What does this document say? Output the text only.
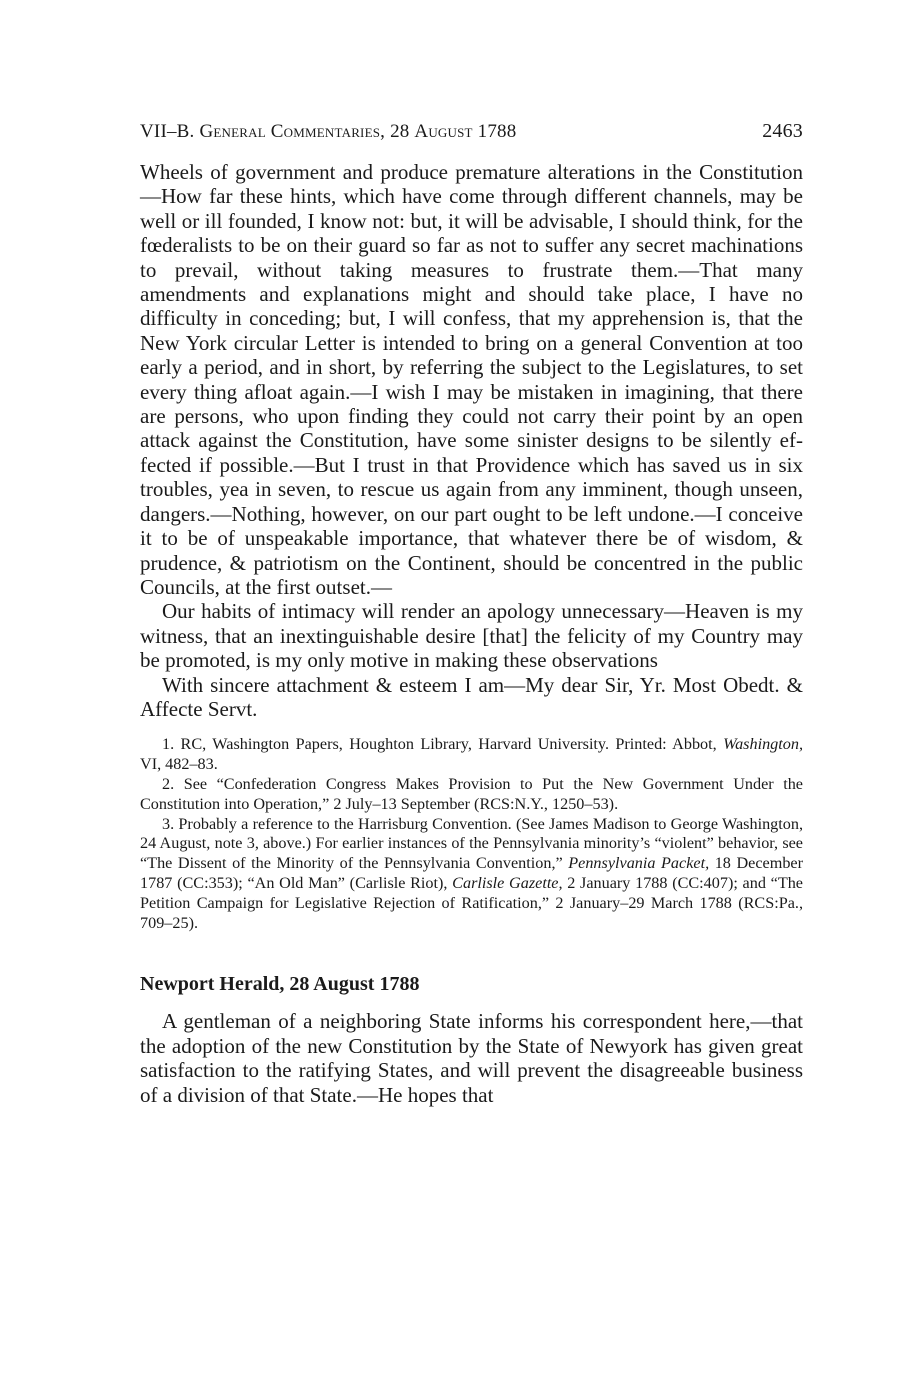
VII–B. General Commentaries, 28 August 1788	2463

Wheels of government and produce premature alterations in the Constitution—How far these hints, which have come through different channels, may be well or ill founded, I know not: but, it will be advisable, I should think, for the fœderalists to be on their guard so far as not to suffer any secret machinations to prevail, without taking measures to frustrate them.—That many amendments and explanations might and should take place, I have no difficulty in conceding; but, I will confess, that my apprehension is, that the New York circular Letter is intended to bring on a general Convention at too early a period, and in short, by referring the subject to the Legislatures, to set every thing afloat again.—I wish I may be mistaken in imagining, that there are persons, who upon finding they could not carry their point by an open attack against the Constitution, have some sinister designs to be silently effected if possible.—But I trust in that Providence which has saved us in six troubles, yea in seven, to rescue us again from any imminent, though unseen, dangers.—Nothing, however, on our part ought to be left undone.—I conceive it to be of unspeakable importance, that whatever there be of wisdom, & prudence, & patriotism on the Continent, should be concentred in the public Councils, at the first outset.—

Our habits of intimacy will render an apology unnecessary—Heaven is my witness, that an inextinguishable desire [that] the felicity of my Country may be promoted, is my only motive in making these observations

With sincere attachment & esteem I am—My dear Sir, Yr. Most Obedt. & Affecte Servt.

1. RC, Washington Papers, Houghton Library, Harvard University. Printed: Abbot, Washington, VI, 482–83.

2. See “Confederation Congress Makes Provision to Put the New Government Under the Constitution into Operation,” 2 July–13 September (RCS:N.Y., 1250–53).

3. Probably a reference to the Harrisburg Convention. (See James Madison to George Washington, 24 August, note 3, above.) For earlier instances of the Pennsylvania minority’s “violent” behavior, see “The Dissent of the Minority of the Pennsylvania Convention,” Pennsylvania Packet, 18 December 1787 (CC:353); “An Old Man” (Carlisle Riot), Carlisle Gazette, 2 January 1788 (CC:407); and “The Petition Campaign for Legislative Rejection of Ratification,” 2 January–29 March 1788 (RCS:Pa., 709–25).

Newport Herald, 28 August 1788

A gentleman of a neighboring State informs his correspondent here,—that the adoption of the new Constitution by the State of Newyork has given great satisfaction to the ratifying States, and will prevent the disagreeable business of a division of that State.—He hopes that
